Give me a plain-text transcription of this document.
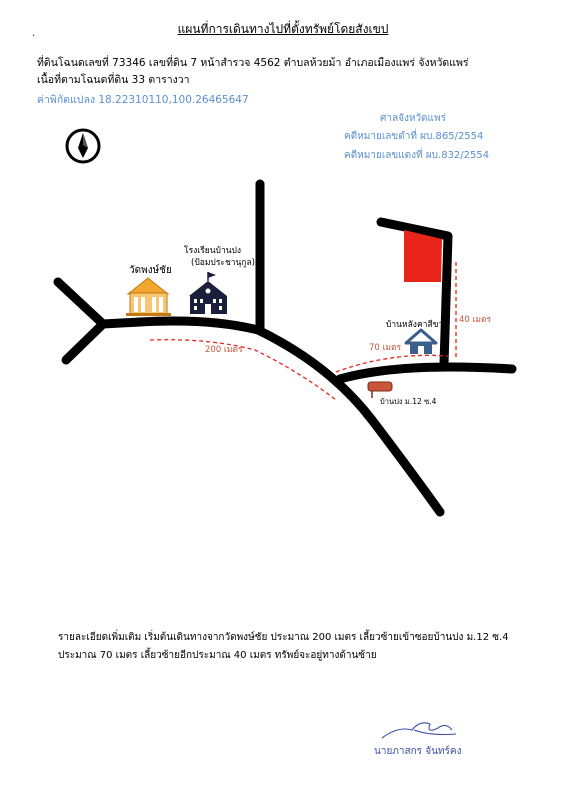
·
แผนที่การเดินทางไปที่ตั้งทรัพย์โดยสังเขป
ที่ดินโฉนดเลขที่ 73346 เลขที่ดิน 7 หน้าสำรวจ 4562 ตำบลห้วยม้า อำเภอเมืองแพร่ จังหวัดแพร่
เนื้อที่ตามโฉนดที่ดิน 33 ตารางวา
ค่าพิกัดแปลง 18.22310110,100.26465647
ศาลจังหวัดแพร่
คดีหมายเลขดำที่ ผบ.865/2554
คดีหมายเลขแดงที่ ผบ.832/2554
วัดพงษ์ชัย
โรงเรียนบ้านปง
(ป้อมประชานุกูล)
บ้านหลังคาสีขาว
บ้านปง ม.12 ซ.4
200 เมตร	70 เมตร
40 เมตร
รายละเอียดเพิ่มเติม เริ่มต้นเดินทางจากวัดพงษ์ชัย ประมาณ 200 เมตร เลี้ยวซ้ายเข้าซอยบ้านปง ม.12 ซ.4
ประมาณ 70 เมตร เลี้ยวซ้ายอีกประมาณ 40 เมตร ทรัพย์จะอยู่ทางด้านซ้าย
นายภาสกร จันทร์คง
